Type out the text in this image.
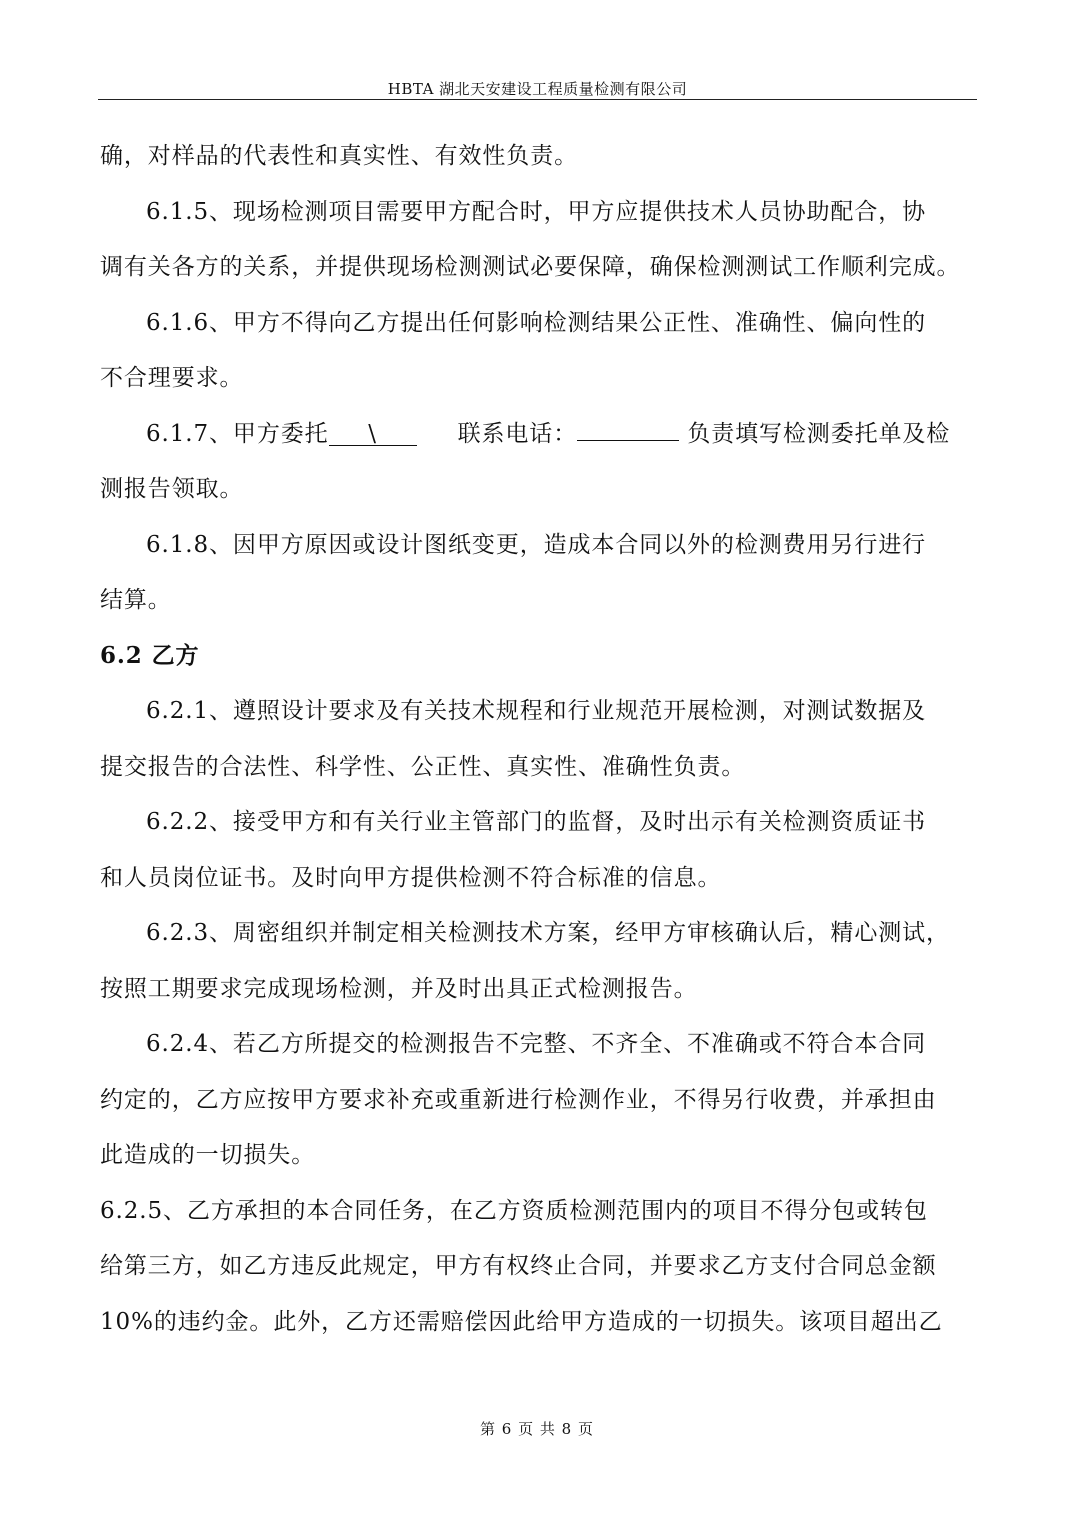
HBTA 湖北天安建设工程质量检测有限公司
确，对样品的代表性和真实性、有效性负责。
6.1.5、现场检测项目需要甲方配合时，甲方应提供技术人员协助配合，协
调有关各方的关系，并提供现场检测测试必要保障，确保检测测试工作顺利完成。
6.1.6、甲方不得向乙方提出任何影响检测结果公正性、准确性、偏向性的
不合理要求。
6.1.7、甲方委托 \	联系电话：	负责填写检测委托单及检
测报告领取。
6.1.8、因甲方原因或设计图纸变更，造成本合同以外的检测费用另行进行
结算。
6.2 乙方
6.2.1、遵照设计要求及有关技术规程和行业规范开展检测，对测试数据及
提交报告的合法性、科学性、公正性、真实性、准确性负责。
6.2.2、接受甲方和有关行业主管部门的监督，及时出示有关检测资质证书
和人员岗位证书。及时向甲方提供检测不符合标准的信息。
6.2.3、周密组织并制定相关检测技术方案，经甲方审核确认后，精心测试，
按照工期要求完成现场检测，并及时出具正式检测报告。
6.2.4、若乙方所提交的检测报告不完整、不齐全、不准确或不符合本合同
约定的，乙方应按甲方要求补充或重新进行检测作业，不得另行收费，并承担由
此造成的一切损失。
6.2.5、乙方承担的本合同任务，在乙方资质检测范围内的项目不得分包或转包
给第三方，如乙方违反此规定，甲方有权终止合同，并要求乙方支付合同总金额
10%的违约金。此外，乙方还需赔偿因此给甲方造成的一切损失。该项目超出乙
第 6 页 共 8 页
